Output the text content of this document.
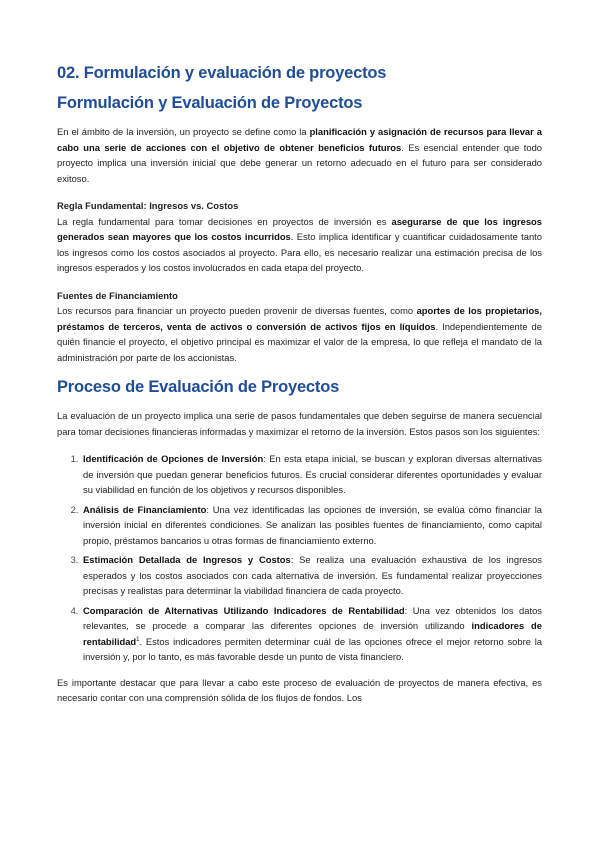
02. Formulación y evaluación de proyectos
Formulación y Evaluación de Proyectos

En el ámbito de la inversión, un proyecto se define como la planificación y asignación de recursos para llevar a cabo una serie de acciones con el objetivo de obtener beneficios futuros. Es esencial entender que todo proyecto implica una inversión inicial que debe generar un retorno adecuado en el futuro para ser considerado exitoso.

Regla Fundamental: Ingresos vs. Costos

La regla fundamental para tomar decisiones en proyectos de inversión es asegurarse de que los ingresos generados sean mayores que los costos incurridos. Esto implica identificar y cuantificar cuidadosamente tanto los ingresos como los costos asociados al proyecto. Para ello, es necesario realizar una estimación precisa de los ingresos esperados y los costos involucrados en cada etapa del proyecto.

Fuentes de Financiamiento

Los recursos para financiar un proyecto pueden provenir de diversas fuentes, como aportes de los propietarios, préstamos de terceros, venta de activos o conversión de activos fijos en líquidos. Independientemente de quién financie el proyecto, el objetivo principal es maximizar el valor de la empresa, lo que refleja el mandato de la administración por parte de los accionistas.

Proceso de Evaluación de Proyectos

La evaluación de un proyecto implica una serie de pasos fundamentales que deben seguirse de manera secuencial para tomar decisiones financieras informadas y maximizar el retorno de la inversión. Estos pasos son los siguientes:

1. Identificación de Opciones de Inversión: En esta etapa inicial, se buscan y exploran diversas alternativas de inversión que puedan generar beneficios futuros. Es crucial considerar diferentes oportunidades y evaluar su viabilidad en función de los objetivos y recursos disponibles.
2. Análisis de Financiamiento: Una vez identificadas las opciones de inversión, se evalúa cómo financiar la inversión inicial en diferentes condiciones. Se analizan las posibles fuentes de financiamiento, como capital propio, préstamos bancarios u otras formas de financiamiento externo.
3. Estimación Detallada de Ingresos y Costos: Se realiza una evaluación exhaustiva de los ingresos esperados y los costos asociados con cada alternativa de inversión. Es fundamental realizar proyecciones precisas y realistas para determinar la viabilidad financiera de cada proyecto.
4. Comparación de Alternativas Utilizando Indicadores de Rentabilidad: Una vez obtenidos los datos relevantes, se procede a comparar las diferentes opciones de inversión utilizando indicadores de rentabilidad$^1$. Estos indicadores permiten determinar cuál de las opciones ofrece el mejor retorno sobre la inversión y, por lo tanto, es más favorable desde un punto de vista financiero.

Es importante destacar que para llevar a cabo este proceso de evaluación de proyectos de manera efectiva, es necesario contar con una comprensión sólida de los flujos de fondos. Los
